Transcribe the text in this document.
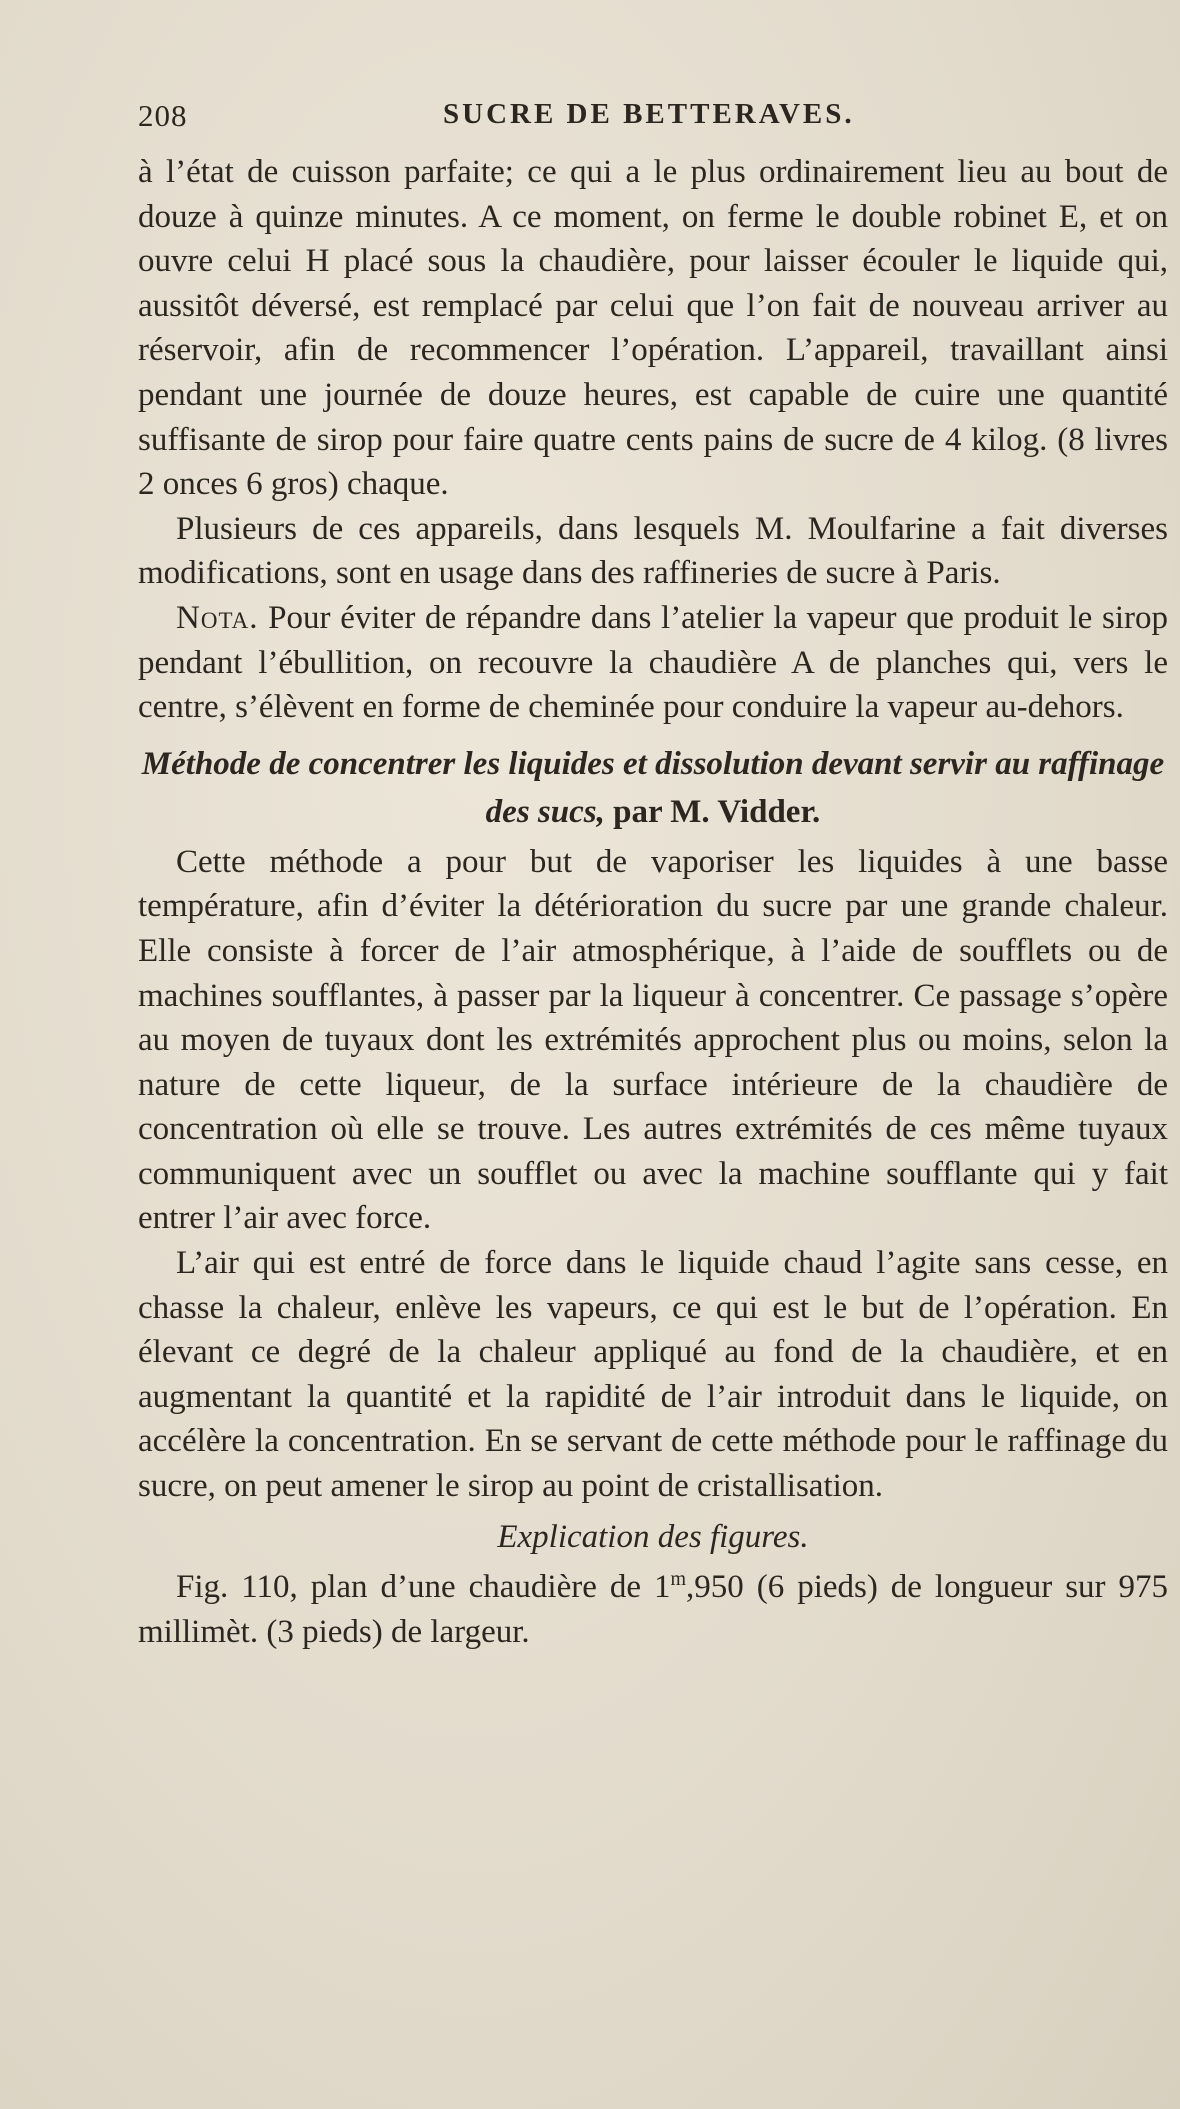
208	SUCRE DE BETTERAVES.

à l’état de cuisson parfaite; ce qui a le plus ordinairement lieu au bout de douze à quinze minutes. A ce moment, on ferme le double robinet E, et on ouvre celui H placé sous la chaudière, pour laisser écouler le liquide qui, aussitôt déversé, est remplacé par celui que l’on fait de nouveau arriver au réservoir, afin de recommencer l’opération. L’appareil, travaillant ainsi pendant une journée de douze heures, est capable de cuire une quantité suffisante de sirop pour faire quatre cents pains de sucre de 4 kilog. (8 livres 2 onces 6 gros) chaque.

Plusieurs de ces appareils, dans lesquels M. Moulfarine a fait diverses modifications, sont en usage dans des raffineries de sucre à Paris.

Nota. Pour éviter de répandre dans l’atelier la vapeur que produit le sirop pendant l’ébullition, on recouvre la chaudière A de planches qui, vers le centre, s’élèvent en forme de cheminée pour conduire la vapeur au-dehors.

Méthode de concentrer les liquides et dissolution devant servir au raffinage des sucs, par M. Vidder.

Cette méthode a pour but de vaporiser les liquides à une basse température, afin d’éviter la détérioration du sucre par une grande chaleur. Elle consiste à forcer de l’air atmosphérique, à l’aide de soufflets ou de machines soufflantes, à passer par la liqueur à concentrer. Ce passage s’opère au moyen de tuyaux dont les extrémités approchent plus ou moins, selon la nature de cette liqueur, de la surface intérieure de la chaudière de concentration où elle se trouve. Les autres extrémités de ces même tuyaux communiquent avec un soufflet ou avec la machine soufflante qui y fait entrer l’air avec force.

L’air qui est entré de force dans le liquide chaud l’agite sans cesse, en chasse la chaleur, enlève les vapeurs, ce qui est le but de l’opération. En élevant ce degré de la chaleur appliqué au fond de la chaudière, et en augmentant la quantité et la rapidité de l’air introduit dans le liquide, on accélère la concentration. En se servant de cette méthode pour le raffinage du sucre, on peut amener le sirop au point de cristallisation.

Explication des figures.

Fig. 110, plan d’une chaudière de 1$^m$,950 (6 pieds) de longueur sur 975 millimèt. (3 pieds) de largeur.
